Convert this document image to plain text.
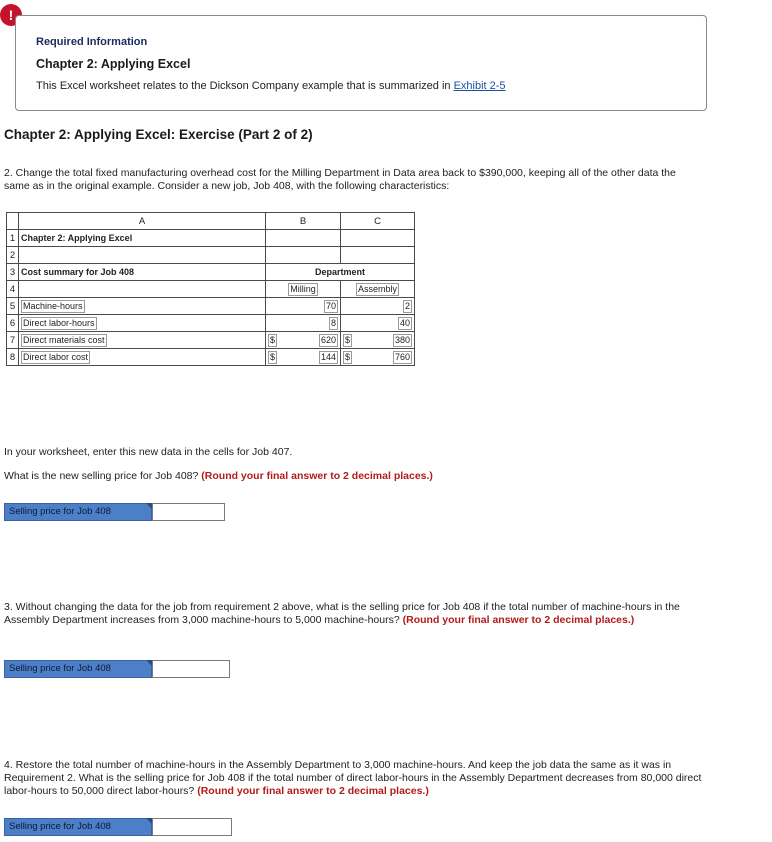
!
Required Information
Chapter 2: Applying Excel
This Excel worksheet relates to the Dickson Company example that is summarized in Exhibit 2-5
Chapter 2: Applying Excel: Exercise (Part 2 of 2)
2. Change the total fixed manufacturing overhead cost for the Milling Department in Data area back to $390,000, keeping all of the other data the same as in the original example. Consider a new job, Job 408, with the following characteristics:
	A	B	C
1	Chapter 2: Applying Excel		
2			
3	Cost summary for Job 408	Department	
4		Milling	Assembly
5	Machine-hours	70	2
6	Direct labor-hours	8	40
7	Direct materials cost	$ 620	$ 380

8	Direct labor cost	$ 144	$ 760
In your worksheet, enter this new data in the cells for Job 407.
What is the new selling price for Job 408? (Round your final answer to 2 decimal places.)
Selling price for Job 408
3. Without changing the data for the job from requirement 2 above, what is the selling price for Job 408 if the total number of machine-hours in the Assembly Department increases from 3,000 machine-hours to 5,000 machine-hours? (Round your final answer to 2 decimal places.)
Selling price for Job 408
4. Restore the total number of machine-hours in the Assembly Department to 3,000 machine-hours. And keep the job data the same as it was in Requirement 2. What is the selling price for Job 408 if the total number of direct labor-hours in the Assembly Department decreases from 80,000 direct labor-hours to 50,000 direct labor-hours? (Round your final answer to 2 decimal places.)
Selling price for Job 408
